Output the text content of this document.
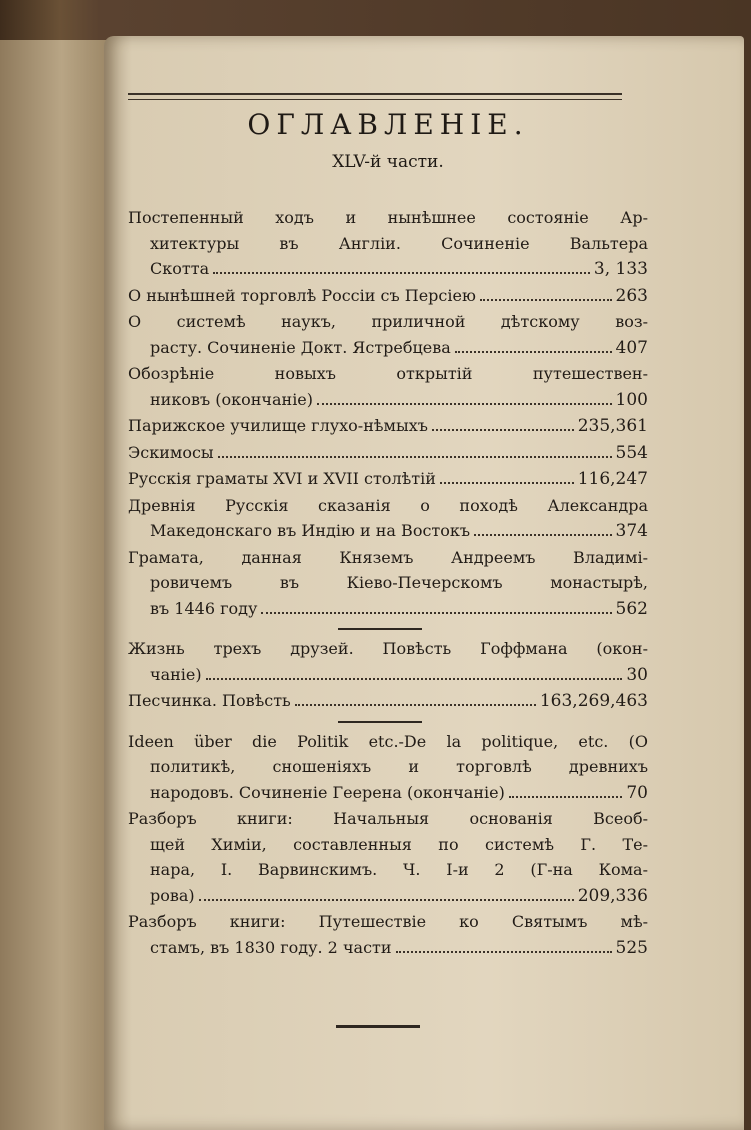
ОГЛАВЛЕНІЕ.
XLV-й части.
Постепенный ходъ и нынѣшнее состояніе Ар-
хитектуры въ Англіи. Сочиненіе Вальтера
Скотта	3, 133
О нынѣшней торговлѣ Россіи съ Персіею	263
О системѣ наукъ, приличной дѣтскому воз-
расту. Сочиненіе Докт. Ястребцева	407
Обозрѣніе новыхъ открытій путешествен-
никовъ (окончаніе)	100
Парижское училище глухо-нѣмыхъ	235,361
Эскимосы	554
Русскія граматы XVI и XVII столѣтій	116,247
Древнія Русскія сказанія о походѣ Александра
Македонскаго въ Индію и на Востокъ	374
Грамата, данная Княземъ Андреемъ Владимі-
ровичемъ въ Кіево-Печерскомъ монастырѣ,
въ 1446 году	562
Жизнь трехъ друзей. Повѣсть Гоффмана (окон-
чаніе)	30
Песчинка. Повѣсть	163,269,463
Ideen über die Politik etc.-De la politique, etc. (О
политикѣ, сношеніяхъ и торговлѣ древнихъ
народовъ. Сочиненіе Геерена (окончаніе)	70
Разборъ книги: Начальныя основанія Всеоб-
щей Химіи, составленныя по системѣ Г. Те-
нара, І. Варвинскимъ. Ч. І-и 2 (Г-на Кома-
рова)	209,336
Разборъ книги: Путешествіе ко Святымъ мѣ-
стамъ, въ 1830 году. 2 части	525
